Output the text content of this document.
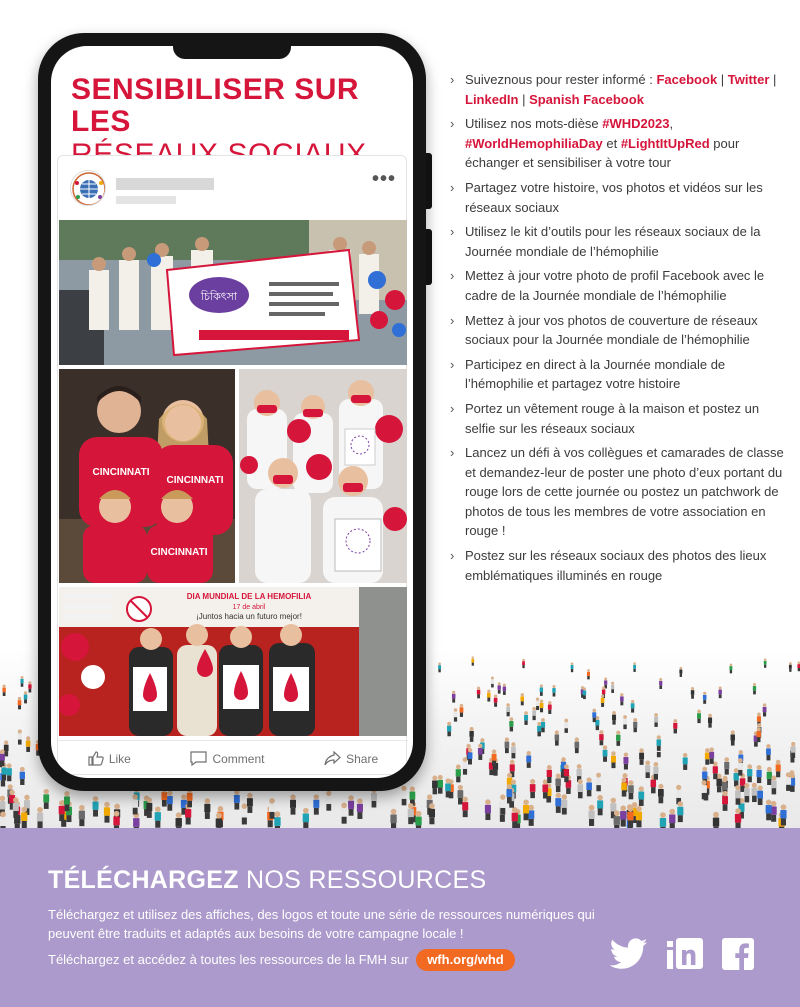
SENSIBILISER SUR LES
•••
চিকিৎসা
CINCINNATI
CINCINNATI
CINCINNATI
DIA MUNDIAL DE LA HEMOFILIA
17 de abril
¡Juntos hacia un futuro mejor!
Like	Comment	Share
› Suiveznous pour rester informé : Facebook | Twitter | LinkedIn | Spanish Facebook
› Utilisez nos mots-dièse #WHD2023,
#WorldHemophiliaDay et #LightItUpRed pour échanger et sensibiliser à votre tour
› Partagez votre histoire, vos photos et vidéos sur les réseaux sociaux
› Utilisez le kit d’outils pour les réseaux sociaux de la Journée mondiale de l’hémophilie
› Mettez à jour votre photo de profil Facebook avec le cadre de la Journée mondiale de l’hémophilie
› Mettez à jour vos photos de couverture de réseaux sociaux pour la Journée mondiale de l’hémophilie
› Participez en direct à la Journée mondiale de l’hémophilie et partagez votre histoire
› Portez un vêtement rouge à la maison et postez un selfie sur les réseaux sociaux
› Lancez un défi à vos collègues et camarades de classe et demandez-leur de poster une photo d’eux portant du rouge lors de cette journée ou postez un patchwork de photos de tous les membres de votre association en rouge !
› Postez sur les réseaux sociaux des photos des lieux emblématiques illuminés en rouge
TÉLÉCHARGEZ NOS RESSOURCES

Téléchargez et utilisez des affiches, des logos et toute une série de ressources numériques qui peuvent être traduits et adaptés aux besoins de votre campagne locale !

Téléchargez et accédez à toutes les ressources de la FMH sur wfh.org/whd
